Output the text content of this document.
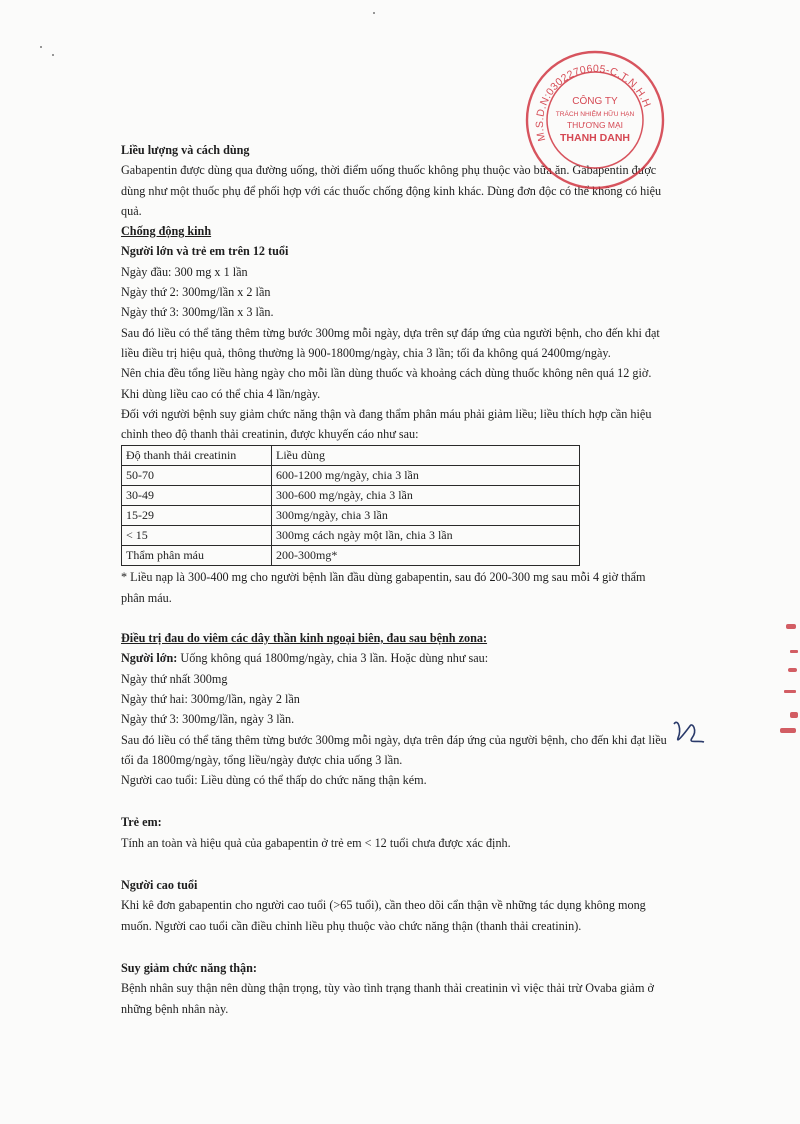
Liều lượng và cách dùng

Gabapentin được dùng qua đường uống, thời điểm uống thuốc không phụ thuộc vào bữa ăn. Gabapentin được

dùng như một thuốc phụ để phối hợp với các thuốc chống động kinh khác. Dùng đơn độc có thể không có hiệu

quả.

Chống động kinh

Người lớn và trẻ em trên 12 tuổi

Ngày đầu: 300 mg x 1 lần

Ngày thứ 2: 300mg/lần x 2 lần

Ngày thứ 3: 300mg/lần x 3 lần.

Sau đó liều có thể tăng thêm từng bước 300mg mỗi ngày, dựa trên sự đáp ứng của người bệnh, cho đến khi đạt

liều điều trị hiệu quả, thông thường là 900-1800mg/ngày, chia 3 lần; tối đa không quá 2400mg/ngày.

Nên chia đều tổng liều hàng ngày cho mỗi lần dùng thuốc và khoảng cách dùng thuốc không nên quá 12 giờ.

Khi dùng liều cao có thể chia 4 lần/ngày.

Đối với người bệnh suy giảm chức năng thận và đang thẩm phân máu phải giảm liều; liều thích hợp cần hiệu

chỉnh theo độ thanh thải creatinin, được khuyến cáo như sau:

Độ thanh thải creatinin	Liều dùng
50-70	600-1200 mg/ngày, chia 3 lần
30-49	300-600 mg/ngày, chia 3 lần
15-29	300mg/ngày, chia 3 lần
< 15	300mg cách ngày một lần, chia 3 lần
Thẩm phân máu	200-300mg*

* Liều nạp là 300-400 mg cho người bệnh lần đầu dùng gabapentin, sau đó 200-300 mg sau mỗi 4 giờ thẩm

phân máu.

Điều trị đau do viêm các dây thần kinh ngoại biên, đau sau bệnh zona:

Người lớn: Uống không quá 1800mg/ngày, chia 3 lần. Hoặc dùng như sau:

Ngày thứ nhất 300mg

Ngày thứ hai: 300mg/lần, ngày 2 lần

Ngày thứ 3: 300mg/lần, ngày 3 lần.

Sau đó liều có thể tăng thêm từng bước 300mg mỗi ngày, dựa trên đáp ứng của người bệnh, cho đến khi đạt liều

tối đa 1800mg/ngày, tổng liều/ngày được chia uống 3 lần.

Người cao tuổi: Liều dùng có thể thấp do chức năng thận kém.

Trẻ em:

Tính an toàn và hiệu quả của gabapentin ở trẻ em < 12 tuổi chưa được xác định.

Người cao tuổi

Khi kê đơn gabapentin cho người cao tuổi (>65 tuổi), cần theo dõi cẩn thận về những tác dụng không mong

muốn. Người cao tuổi cần điều chỉnh liều phụ thuộc vào chức năng thận (thanh thải creatinin).

Suy giảm chức năng thận:

Bệnh nhân suy thận nên dùng thận trọng, tùy vào tình trạng thanh thải creatinin vì việc thải trừ Ovaba giảm ở

những bệnh nhân này.

M.S.D.N:0302270605-C.T.N.H.H
CÔNG TY
TRÁCH NHIỆM HỮU HẠN
THƯƠNG MẠI
THANH DANH
